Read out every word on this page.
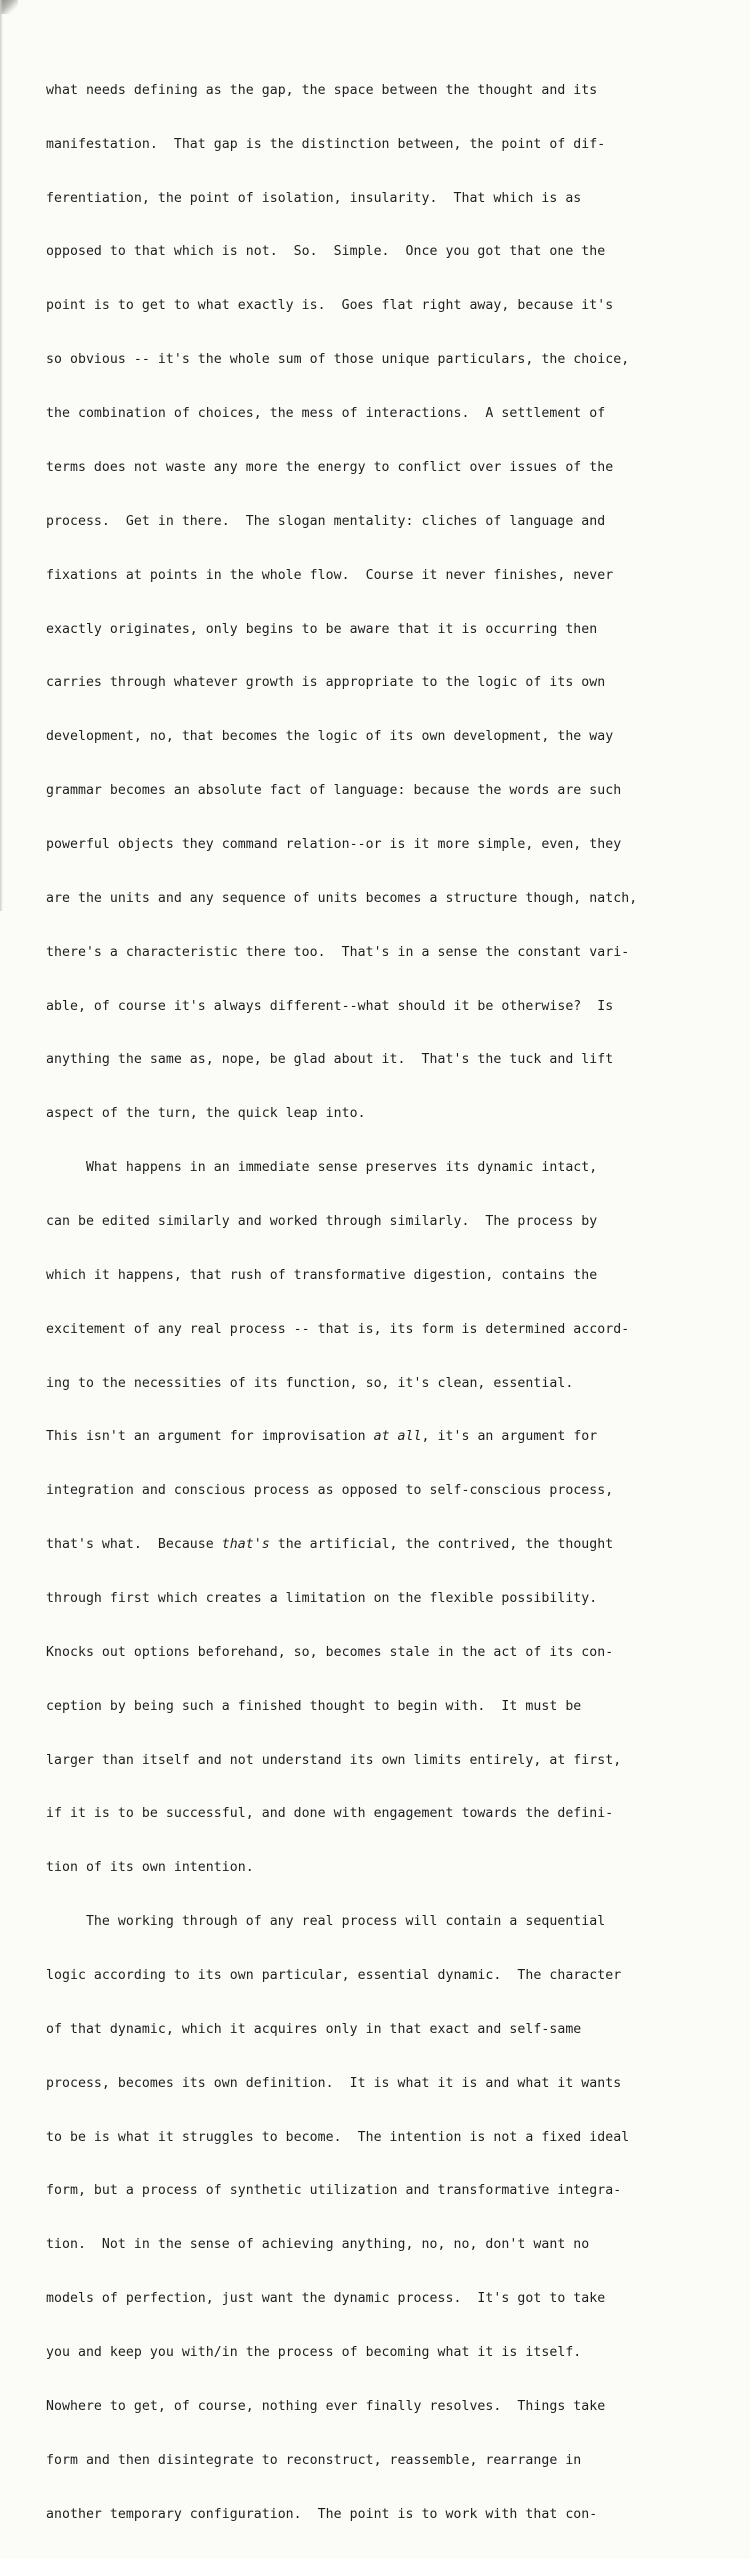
what needs defining as the gap, the space between the thought and its

manifestation.  That gap is the distinction between, the point of dif-

ferentiation, the point of isolation, insularity.  That which is as

opposed to that which is not.  So.  Simple.  Once you got that one the

point is to get to what exactly is.  Goes flat right away, because it's

so obvious -- it's the whole sum of those unique particulars, the choice,

the combination of choices, the mess of interactions.  A settlement of

terms does not waste any more the energy to conflict over issues of the

process.  Get in there.  The slogan mentality: cliches of language and

fixations at points in the whole flow.  Course it never finishes, never

exactly originates, only begins to be aware that it is occurring then

carries through whatever growth is appropriate to the logic of its own

development, no, that becomes the logic of its own development, the way

grammar becomes an absolute fact of language: because the words are such

powerful objects they command relation--or is it more simple, even, they

are the units and any sequence of units becomes a structure though, natch,

there's a characteristic there too.  That's in a sense the constant vari-

able, of course it's always different--what should it be otherwise?  Is

anything the same as, nope, be glad about it.  That's the tuck and lift

aspect of the turn, the quick leap into.

What happens in an immediate sense preserves its dynamic intact,

can be edited similarly and worked through similarly.  The process by

which it happens, that rush of transformative digestion, contains the

excitement of any real process -- that is, its form is determined accord-

ing to the necessities of its function, so, it's clean, essential.

This isn't an argument for improvisation at all, it's an argument for

integration and conscious process as opposed to self-conscious process,

that's what.  Because that's the artificial, the contrived, the thought

through first which creates a limitation on the flexible possibility.

Knocks out options beforehand, so, becomes stale in the act of its con-

ception by being such a finished thought to begin with.  It must be

larger than itself and not understand its own limits entirely, at first,

if it is to be successful, and done with engagement towards the defini-

tion of its own intention.

The working through of any real process will contain a sequential

logic according to its own particular, essential dynamic.  The character

of that dynamic, which it acquires only in that exact and self-same

process, becomes its own definition.  It is what it is and what it wants

to be is what it struggles to become.  The intention is not a fixed ideal

form, but a process of synthetic utilization and transformative integra-

tion.  Not in the sense of achieving anything, no, no, don't want no

models of perfection, just want the dynamic process.  It's got to take

you and keep you with/in the process of becoming what it is itself.

Nowhere to get, of course, nothing ever finally resolves.  Things take

form and then disintegrate to reconstruct, reassemble, rearrange in

another temporary configuration.  The point is to work with that con-
